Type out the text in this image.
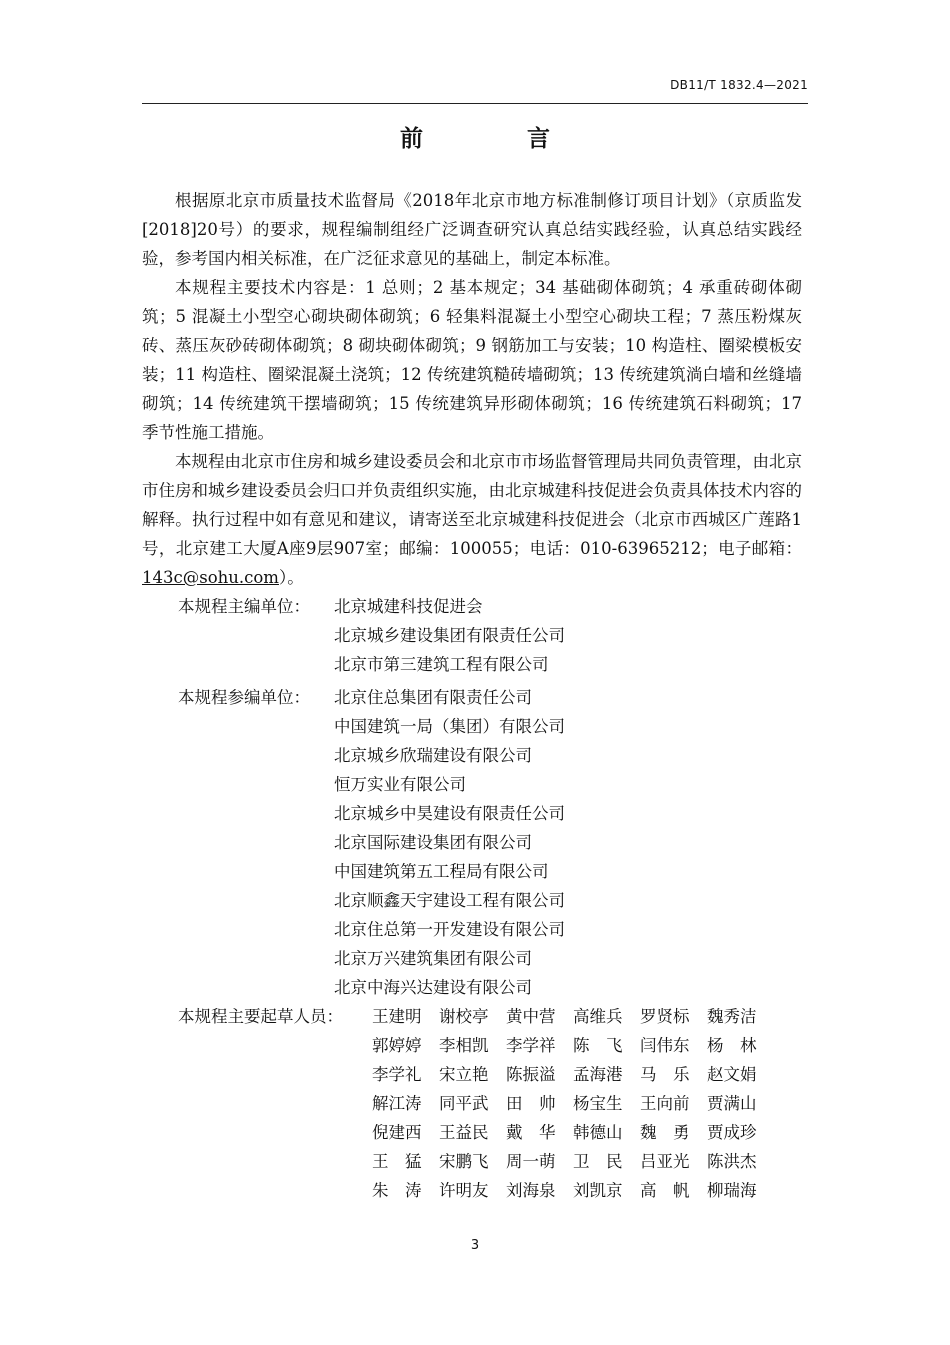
DB11/T 1832.4—2021
前 言

根据原北京市质量技术监督局《2018年北京市地方标准制修订项目计划》（京质监发[2018]20号）的要求，规程编制组经广泛调查研究认真总结实践经验，认真总结实践经验，参考国内相关标准，在广泛征求意见的基础上，制定本标准。

本规程主要技术内容是：1 总则；2 基本规定；34 基础砌体砌筑；4 承重砖砌体砌筑；5 混凝土小型空心砌块砌体砌筑；6 轻集料混凝土小型空心砌块工程；7 蒸压粉煤灰砖、蒸压灰砂砖砌体砌筑；8 砌块砌体砌筑；9 钢筋加工与安装；10 构造柱、圈梁模板安装；11 构造柱、圈梁混凝土浇筑；12 传统建筑糙砖墙砌筑；13 传统建筑淌白墙和丝缝墙砌筑；14 传统建筑干摆墙砌筑；15 传统建筑异形砌体砌筑；16 传统建筑石料砌筑；17 季节性施工措施。

本规程由北京市住房和城乡建设委员会和北京市市场监督管理局共同负责管理，由北京市住房和城乡建设委员会归口并负责组织实施，由北京城建科技促进会负责具体技术内容的解释。执行过程中如有意见和建议，请寄送至北京城建科技促进会（北京市西城区广莲路1号，北京建工大厦A座9层907室；邮编：100055；电话：010-63965212；电子邮箱：143c@sohu.com）。

本规程主编单位：	北京城建科技促进会
北京城乡建设集团有限责任公司
北京市第三建筑工程有限公司
本规程参编单位：	北京住总集团有限责任公司
中国建筑一局（集团）有限公司
北京城乡欣瑞建设有限公司
恒万实业有限公司
北京城乡中昊建设有限责任公司
北京国际建设集团有限公司
中国建筑第五工程局有限公司
北京顺鑫天宇建设工程有限公司
北京住总第一开发建设有限公司
北京万兴建筑集团有限公司
北京中海兴达建设有限公司
本规程主要起草人员：	王建明	谢校亭	黄中营	高维兵	罗贤标	魏秀洁
郭婷婷	李相凯	李学祥	陈　飞	闫伟东	杨　林
李学礼	宋立艳	陈振溢	孟海港	马　乐	赵文娟
解江涛	同平武	田　帅	杨宝生	王向前	贾满山
倪建西	王益民	戴　华	韩德山	魏　勇	贾成珍
王　猛	宋鹏飞	周一萌	卫　民	吕亚光	陈洪杰
朱　涛	许明友	刘海泉	刘凯京	高　帆	柳瑞海
3
